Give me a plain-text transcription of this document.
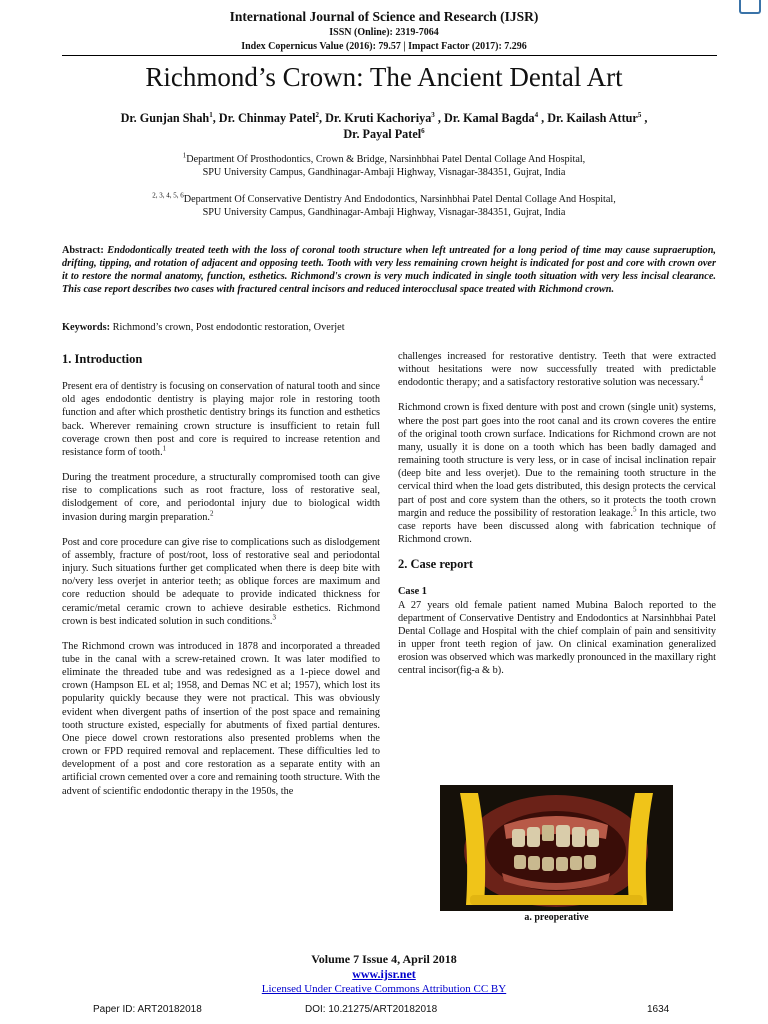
International Journal of Science and Research (IJSR)
ISSN (Online): 2319-7064
Index Copernicus Value (2016): 79.57 | Impact Factor (2017): 7.296
Richmond’s Crown: The Ancient Dental Art
Dr. Gunjan Shah$^1$, Dr. Chinmay Patel$^2$, Dr. Kruti Kachoriya$^3$ , Dr. Kamal Bagda$^4$ , Dr. Kailash Attur$^5$ ,
Dr. Payal Patel$^6$
$^1$Department Of Prosthodontics, Crown & Bridge, Narsinhbhai Patel Dental Collage And Hospital,
SPU University Campus, Gandhinagar-Ambaji Highway, Visnagar-384351, Gujrat, India
$^{2, 3, 4, 5, 6}$Department Of Conservative Dentistry And Endodontics, Narsinhbhai Patel Dental Collage And Hospital,
SPU University Campus, Gandhinagar-Ambaji Highway, Visnagar-384351, Gujrat, India
Abstract: Endodontically treated teeth with the loss of coronal tooth structure when left untreated for a long period of time may cause supraeruption, drifting, tipping, and rotation of adjacent and opposing teeth. Tooth with very less remaining crown height is indicated for post and core with crown over it to restore the normal anatomy, function, esthetics. Richmond's crown is very much indicated in single tooth situation with very less incisal clearance. This case report describes two cases with fractured central incisors and reduced interocclusal space treated with Richmond crown.
Keywords: Richmond’s crown, Post endodontic restoration, Overjet
1. Introduction

Present era of dentistry is focusing on conservation of natural tooth and since old ages endodontic dentistry is playing major role in restoring tooth function and after which prosthetic dentistry brings its function and esthetics back. Wherever remaining crown structure is insufficient to retain full coverage crown then post and core is required to increase retention and resistance form of tooth.$^1$

During the treatment procedure, a structurally compromised tooth can give rise to complications such as root fracture, loss of restorative seal, dislodgement of core, and periodontal injury due to biological width invasion during margin preparation.$^2$

Post and core procedure can give rise to complications such as dislodgement of assembly, fracture of post/root, loss of restorative seal and periodontal injury. Such situations further get complicated when there is deep bite with no/very less overjet in anterior teeth; as oblique forces are maximum and core reduction should be adequate to provide indicated thickness for ceramic/metal ceramic crown to achieve desirable esthetics. Richmond crown is best indicated solution in such conditions.$^3$

The Richmond crown was introduced in 1878 and incorporated a threaded tube in the canal with a screw-retained crown. It was later modified to eliminate the threaded tube and was redesigned as a 1-piece dowel and crown (Hampson EL et al; 1958, and Demas NC et al; 1957), which lost its popularity quickly because they were not practical. This was obviously evident when divergent paths of insertion of the post space and remaining tooth structure existed, especially for abutments of fixed partial dentures. One piece dowel crown restorations also presented problems when the crown or FPD required removal and replacement. These difficulties led to development of a post and core restoration as a separate entity with an artificial crown cemented over a core and remaining tooth structure. With the advent of scientific endodontic therapy in the 1950s, the

challenges increased for restorative dentistry. Teeth that were extracted without hesitations were now successfully treated with predictable endodontic therapy; and a satisfactory restorative solution was necessary.$^4$

Richmond crown is fixed denture with post and crown (single unit) systems, where the post part goes into the root canal and its crown coveres the entire of the original tooth crown surface. Indications for Richmond crown are not many, usually it is done on a tooth which has been badly damaged and remaining tooth structure is very less, or in case of incisal inclination repair (deep bite and less overjet). Due to the remaining tooth structure in the cervical third when the load gets distributed, this design protects the cervical part of post and core system than the others, so it protects the tooth crown margin and reduce the possibility of restoration leakage.$^5$ In this article, two case reports have been discussed along with fabrication technique of Richmond crown.

2. Case report
Case 1

A 27 years old female patient named Mubina Baloch reported to the department of Conservative Dentistry and Endodontics at Narsinhbhai Patel Dental Collage and Hospital with the chief complain of pain and sensitivity in upper front teeth region of jaw. On clinical examination generalized erosion was observed which was markedly pronounced in the maxillary right central incisor(fig-a & b).

a. preoperative
Volume 7 Issue 4, April 2018
www.ijsr.net
Licensed Under Creative Commons Attribution CC BY
Paper ID: ART20182018	DOI: 10.21275/ART20182018	1634
